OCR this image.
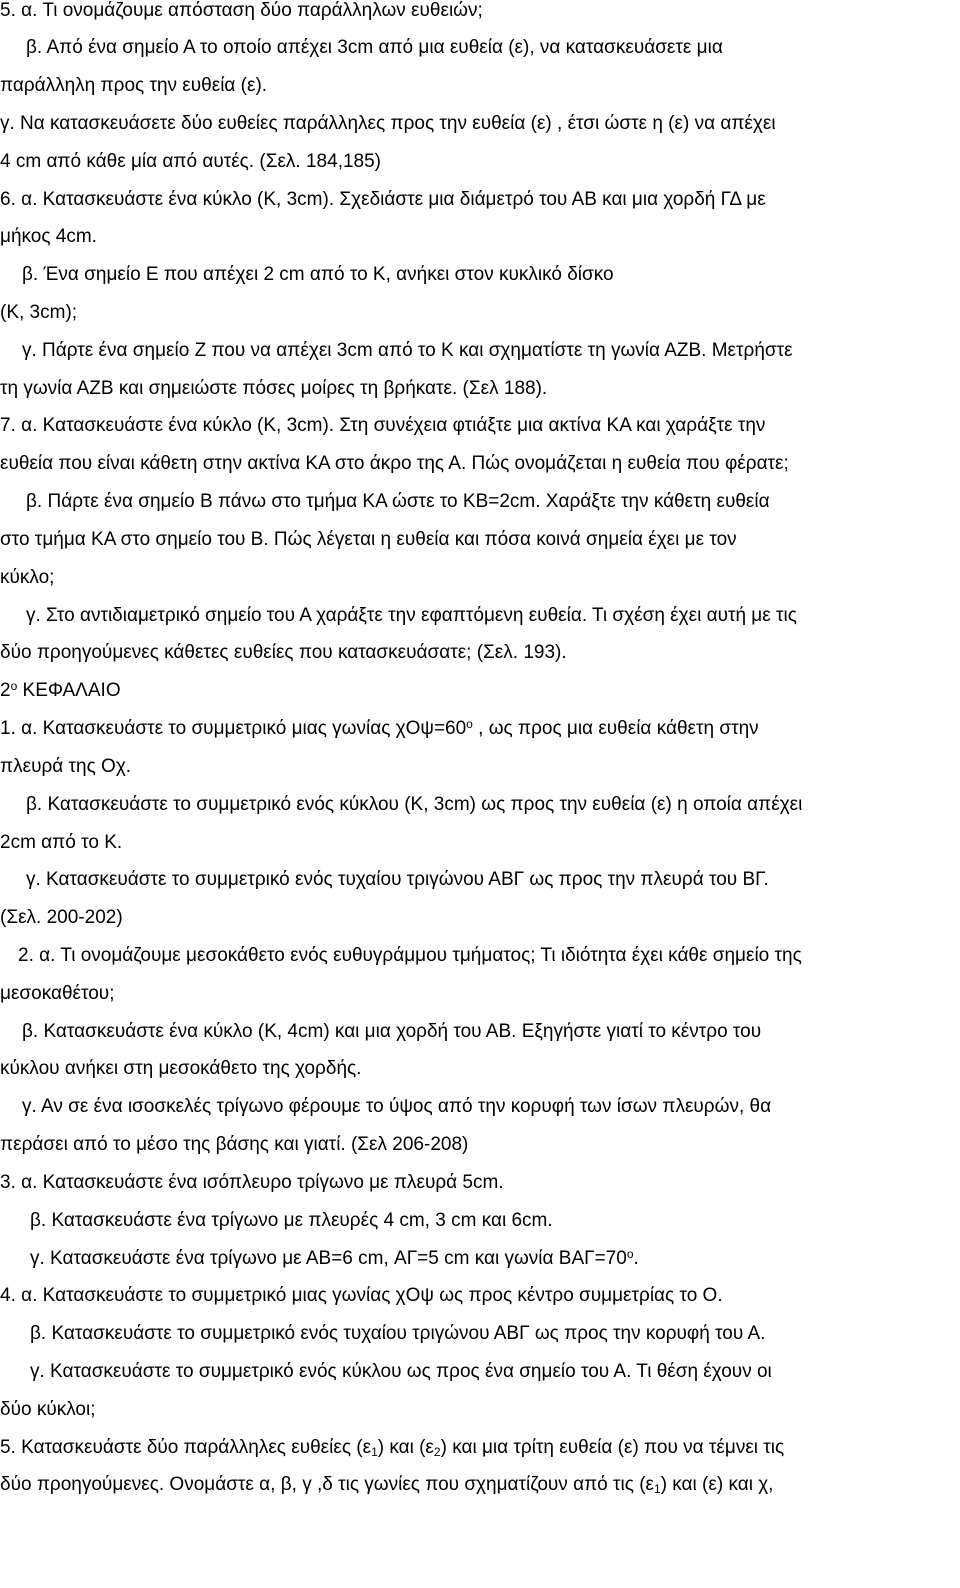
5. α. Τι ονομάζουμε απόσταση δύο παράλληλων ευθειών;
β. Από ένα σημείο Α το οποίο απέχει 3cm από μια ευθεία (ε), να κατασκευάσετε μια
παράλληλη προς την ευθεία (ε).
γ. Να κατασκευάσετε δύο ευθείες παράλληλες προς την ευθεία (ε) , έτσι ώστε η (ε) να απέχει
4 cm από κάθε μία από αυτές. (Σελ. 184,185)
6. α. Κατασκευάστε ένα κύκλο (Κ, 3cm). Σχεδιάστε μια διάμετρό του ΑΒ και μια χορδή ΓΔ με
μήκος 4cm.
β. Ένα σημείο Ε που απέχει 2 cm από το Κ, ανήκει στον κυκλικό δίσκο
(Κ, 3cm);
γ. Πάρτε ένα σημείο Ζ που να απέχει 3cm από το Κ και σχηματίστε τη γωνία ΑΖΒ. Μετρήστε
τη γωνία ΑΖΒ και σημειώστε πόσες μοίρες τη βρήκατε. (Σελ 188).
7. α. Κατασκευάστε ένα κύκλο (Κ, 3cm). Στη συνέχεια φτιάξτε μια ακτίνα ΚΑ και χαράξτε την
ευθεία που είναι κάθετη στην ακτίνα ΚΑ στο άκρο της Α. Πώς ονομάζεται η ευθεία που φέρατε;
β. Πάρτε ένα σημείο Β πάνω στο τμήμα ΚΑ ώστε το ΚΒ=2cm. Χαράξτε την κάθετη ευθεία
στο τμήμα ΚΑ στο σημείο του Β. Πώς λέγεται η ευθεία και πόσα κοινά σημεία έχει με τον
κύκλο;
γ. Στο αντιδιαμετρικό σημείο του Α χαράξτε την εφαπτόμενη ευθεία. Τι σχέση έχει αυτή με τις
δύο προηγούμενες κάθετες ευθείες που κατασκευάσατε; (Σελ. 193).
$2^o$ ΚΕΦΑΛΑΙΟ
1. α. Κατασκευάστε το συμμετρικό μιας γωνίας $\chi O\psi=60^o$ , ως προς μια ευθεία κάθετη στην
πλευρά της Οχ.
β. Κατασκευάστε το συμμετρικό ενός κύκλου (Κ, 3cm) ως προς την ευθεία (ε) η οποία απέχει
2cm από το Κ.
γ. Κατασκευάστε το συμμετρικό ενός τυχαίου τριγώνου ΑΒΓ ως προς την πλευρά του ΒΓ.
(Σελ. 200-202)
2. α. Τι ονομάζουμε μεσοκάθετο ενός ευθυγράμμου τμήματος; Τι ιδιότητα έχει κάθε σημείο της
μεσοκαθέτου;
β. Κατασκευάστε ένα κύκλο (Κ, 4cm) και μια χορδή του ΑΒ. Εξηγήστε γιατί το κέντρο του
κύκλου ανήκει στη μεσοκάθετο της χορδής.
γ. Αν σε ένα ισοσκελές τρίγωνο φέρουμε το ύψος από την κορυφή των ίσων πλευρών, θα
περάσει από το μέσο της βάσης και γιατί. (Σελ 206-208)
3. α. Κατασκευάστε ένα ισόπλευρο τρίγωνο με πλευρά 5cm.
β. Κατασκευάστε ένα τρίγωνο με πλευρές 4 cm, 3 cm και 6cm.
γ. Κατασκευάστε ένα τρίγωνο με ΑΒ=6 cm, ΑΓ=5 cm και γωνία $BA\Gamma=70^o$.
4. α. Κατασκευάστε το συμμετρικό μιας γωνίας χΟψ ως προς κέντρο συμμετρίας το Ο.
β. Κατασκευάστε το συμμετρικό ενός τυχαίου τριγώνου ΑΒΓ ως προς την κορυφή του Α.
γ. Κατασκευάστε το συμμετρικό ενός κύκλου ως προς ένα σημείο του Α. Τι θέση έχουν οι
δύο κύκλοι;
5. Κατασκευάστε δύο παράλληλες ευθείες $(\varepsilon_1)$ και $(\varepsilon_2)$ και μια τρίτη ευθεία (ε) που να τέμνει τις
δύο προηγούμενες. Ονομάστε α, β, γ ,δ τις γωνίες που σχηματίζουν από τις $(\varepsilon_1)$ και (ε) και χ,
